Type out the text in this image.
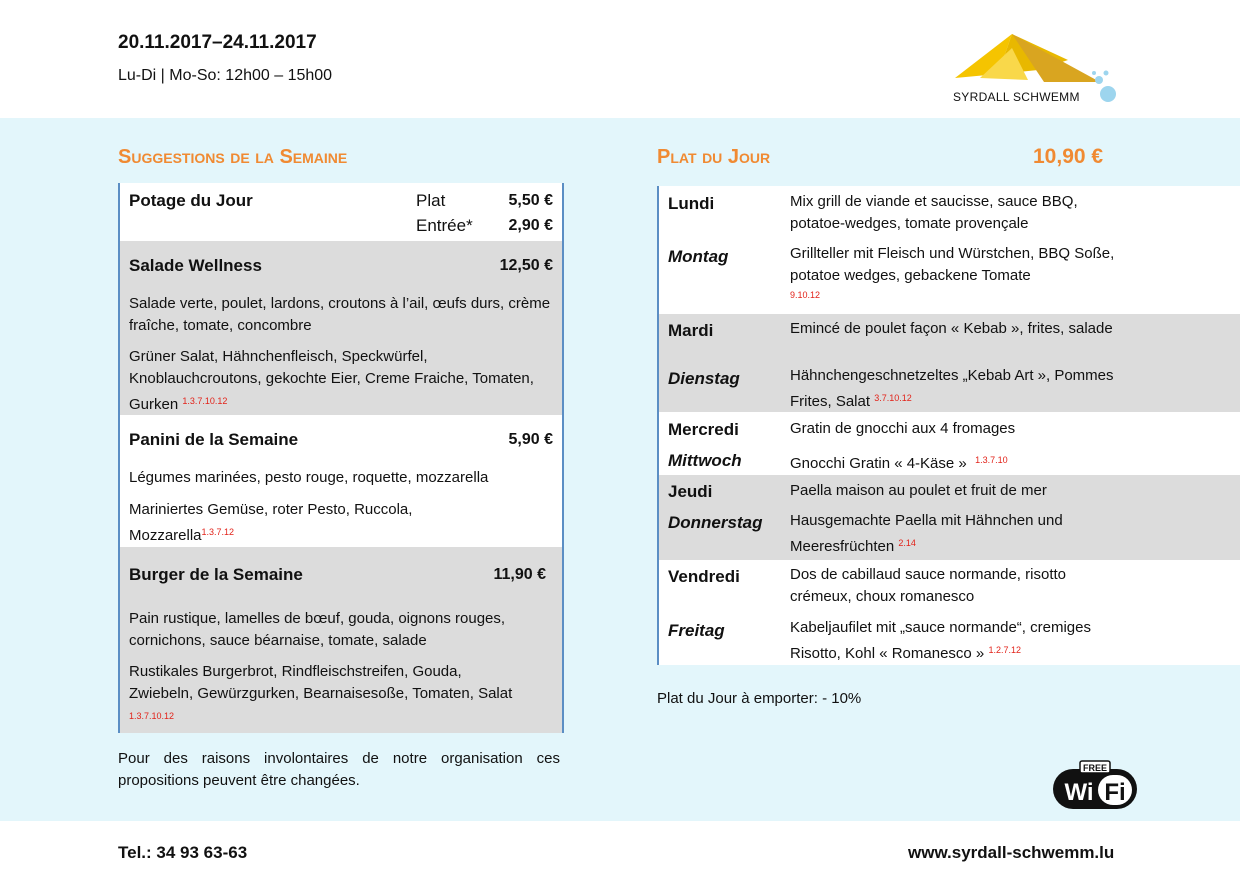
20.11.2017–24.11.2017
Lu-Di | Mo-So: 12h00 – 15h00
SYRDALL SCHWEMM
Suggestions de la Semaine
Potage du Jour	Plat	5,50 €
Entrée* 2,90 €
Salade Wellness	12,50 €
Salade verte, poulet, lardons, croutons à l’ail, œufs durs, crème fraîche, tomate, concombre
Grüner Salat, Hähnchenfleisch, Speckwürfel, Knoblauchcroutons, gekochte Eier, Creme Fraiche, Tomaten, Gurken $^{1.3.7.10.12}$
Panini de la Semaine	5,90 €
Légumes marinées, pesto rouge, roquette, mozzarella
Mariniertes Gemüse, roter Pesto, Ruccola, Mozzarella$^{1.3.7.12}$
Burger de la Semaine	11,90 €
Pain rustique, lamelles de bœuf, gouda, oignons rouges, cornichons, sauce béarnaise, tomate, salade
Rustikales Burgerbrot, Rindfleischstreifen, Gouda, Zwiebeln, Gewürzgurken, Bearnaisesoße, Tomaten, Salat $^{1.3.7.10.12}$
Pour des raisons involontaires de notre organisation ces propositions peuvent être changées.
Plat du Jour	10,90 €
Lundi	Mix grill de viande et saucisse, sauce BBQ, potatoe-wedges, tomate provençale
Montag	Grillteller mit Fleisch und Würstchen, BBQ Soße, potatoe wedges, gebackene Tomate
9.10.12
Mardi	Emincé de poulet façon « Kebab », frites, salade
Dienstag	Hähnchengeschnetzeltes „Kebab Art », Pommes Frites, Salat $^{3.7.10.12}$
Mercredi	Gratin de gnocchi aux 4 fromages
Mittwoch	Gnocchi Gratin « 4-Käse » $^{1.3.7.10}$
Jeudi	Paella maison au poulet et fruit de mer
Donnerstag Hausgemachte Paella mit Hähnchen und Meeresfrüchten $^{2.14}$
Vendredi	Dos de cabillaud sauce normande, risotto crémeux, choux romanesco
Freitag	Kabeljaufilet mit „sauce normande“, cremiges Risotto, Kohl « Romanesco » $^{1.2.7.12}$
Plat du Jour à emporter: - 10%
FREE
Wi Fi
Tel.: 34 93 63-63	www.syrdall-schwemm.lu
